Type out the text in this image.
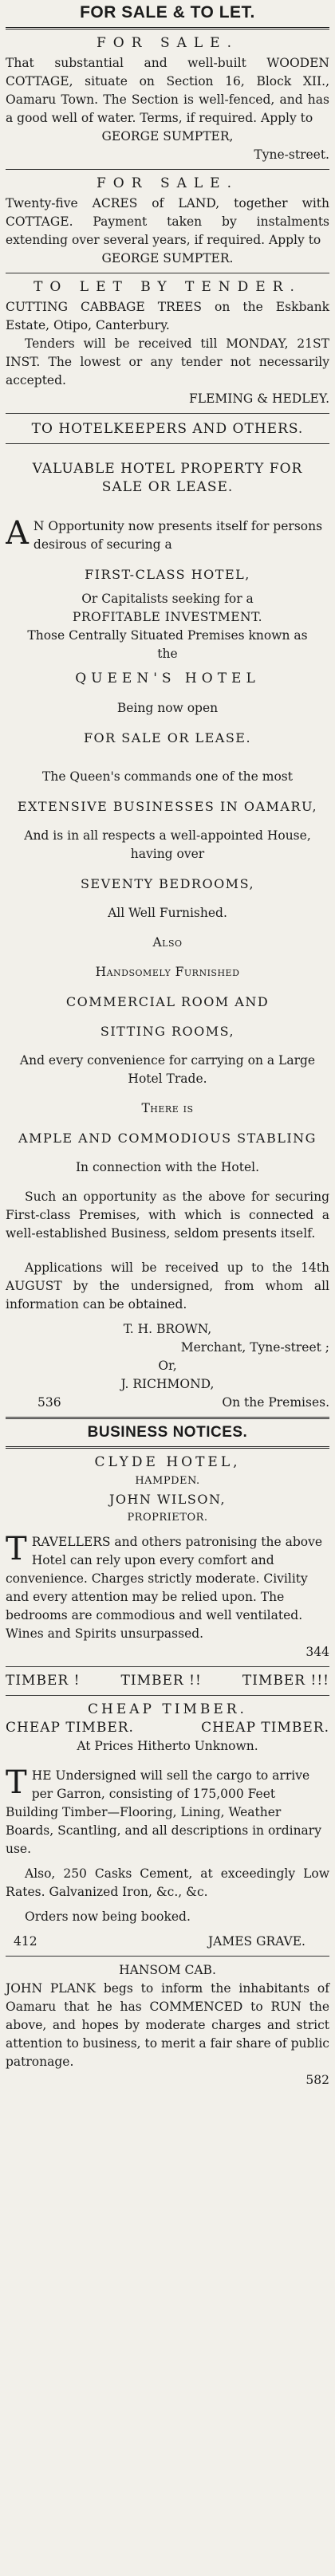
FOR SALE & TO LET.
FOR SALE.
That substantial and well-built WOODEN COTTAGE, situate on Section 16, Block XII., Oamaru Town. The Section is well-fenced, and has a good well of water. Terms, if required. Apply to
GEORGE SUMPTER,
Tyne-street.
FOR SALE.
Twenty-five ACRES of LAND, together with COTTAGE. Payment taken by instalments extending over several years, if required. Apply to
GEORGE SUMPTER.
TO LET BY TENDER.
CUTTING CABBAGE TREES on the Eskbank Estate, Otipo, Canterbury.
Tenders will be received till MONDAY, 21ST INST. The lowest or any tender not necessarily accepted.
FLEMING & HEDLEY.
TO HOTELKEEPERS AND OTHERS.
VALUABLE HOTEL PROPERTY FOR
SALE OR LEASE.
A N Opportunity now presents itself for persons desirous of securing a
FIRST-CLASS HOTEL,
Or Capitalists seeking for a
PROFITABLE INVESTMENT.
Those Centrally Situated Premises known as
the
QUEEN'S HOTEL
Being now open
FOR SALE OR LEASE.
The Queen's commands one of the most
EXTENSIVE BUSINESSES IN OAMARU,
And is in all respects a well-appointed House, having over
SEVENTY BEDROOMS,
All Well Furnished.
Also
Handsomely Furnished
COMMERCIAL ROOM AND
SITTING ROOMS,
And every convenience for carrying on a Large Hotel Trade.
There is
AMPLE AND COMMODIOUS STABLING
In connection with the Hotel.
Such an opportunity as the above for securing First-class Premises, with which is connected a well-established Business, seldom presents itself.
Applications will be received up to the 14th AUGUST by the undersigned, from whom all information can be obtained.
T. H. BROWN,
Merchant, Tyne-street ;
Or,
J. RICHMOND,
536	On the Premises.
BUSINESS NOTICES.
CLYDE HOTEL,
HAMPDEN.
JOHN WILSON,
PROPRIETOR.
T RAVELLERS and others patronising the above Hotel can rely upon every comfort and convenience. Charges strictly moderate. Civility and every attention may be relied upon. The bedrooms are commodious and well ventilated. Wines and Spirits unsurpassed.
344
TIMBER !	TIMBER !!	TIMBER !!!
CHEAP TIMBER.
CHEAP TIMBER.	CHEAP TIMBER.
At Prices Hitherto Unknown.
T HE Undersigned will sell the cargo to arrive per Garron, consisting of 175,000 Feet Building Timber—Flooring, Lining, Weather Boards, Scantling, and all descriptions in ordinary use.
Also, 250 Casks Cement, at exceedingly Low Rates. Galvanized Iron, &c., &c.
Orders now being booked.
412	JAMES GRAVE.
HANSOM CAB.
JOHN PLANK begs to inform the inhabitants of Oamaru that he has COMMENCED to RUN the above, and hopes by moderate charges and strict attention to business, to merit a fair share of public patronage.
582
